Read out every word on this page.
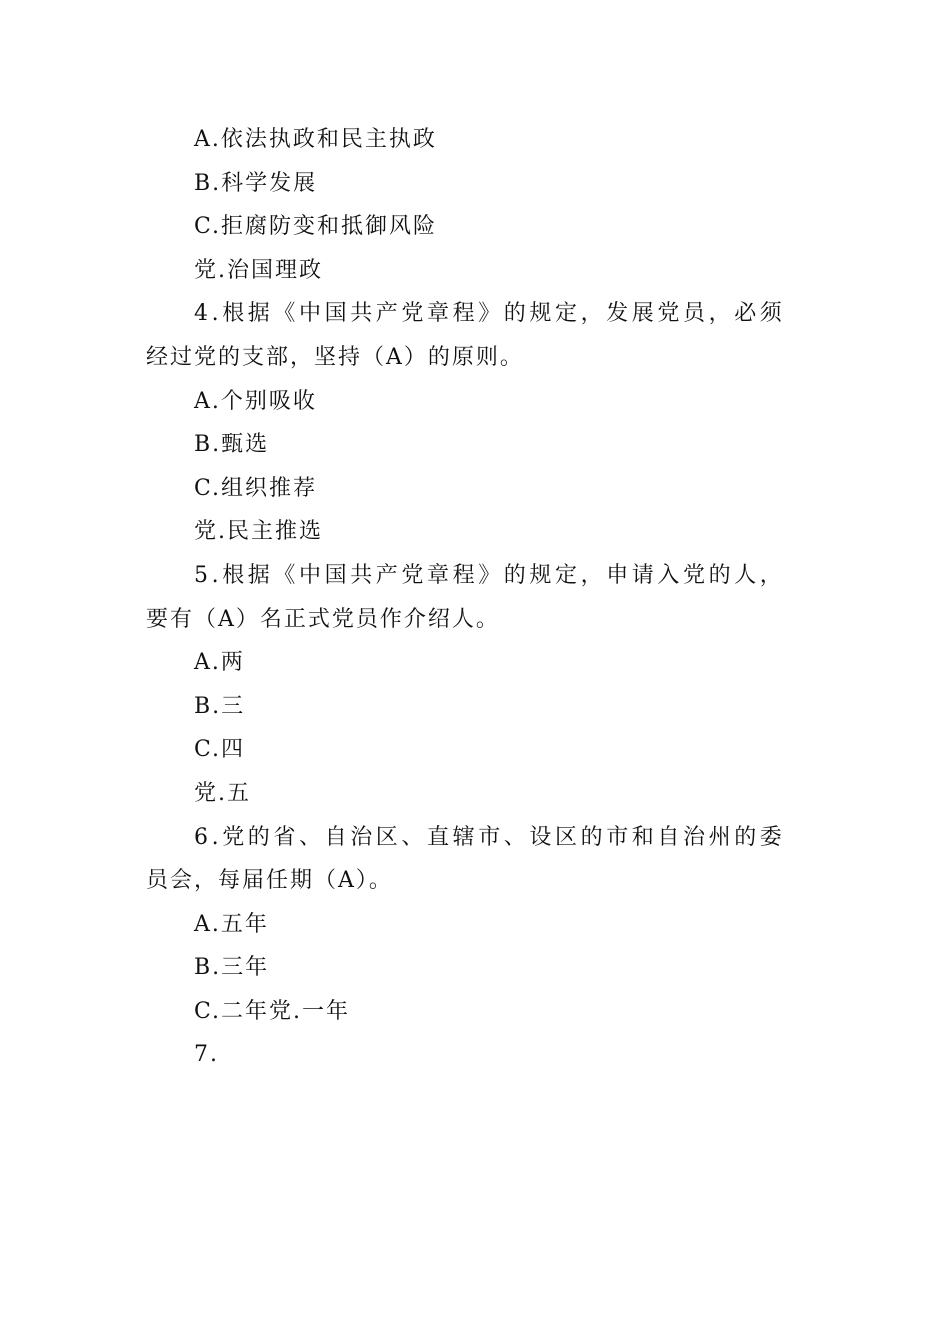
A.依法执政和民主执政
B.科学发展
C.拒腐防变和抵御风险
党.治国理政
4.根据《中国共产党章程》的规定，发展党员，必须
经过党的支部，坚持（A）的原则。
A.个别吸收
B.甄选
C.组织推荐
党.民主推选
5.根据《中国共产党章程》的规定，申请入党的人，
要有（A）名正式党员作介绍人。
A.两
B.三
C.四
党.五
6.党的省、自治区、直辖市、设区的市和自治州的委
员会，每届任期（A）。
A.五年
B.三年
C.二年党.一年
7.
